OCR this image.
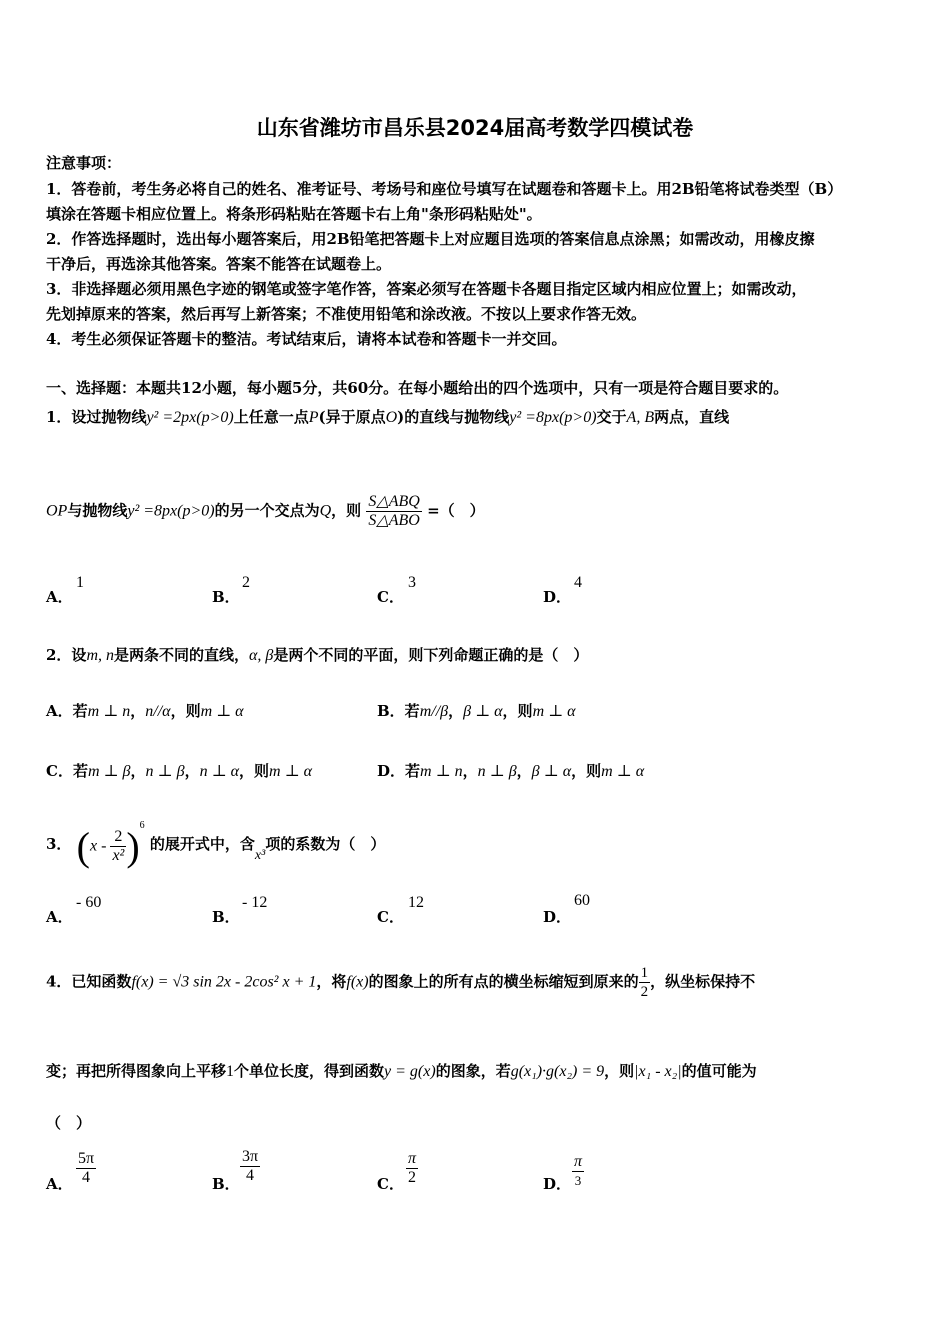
山东省潍坊市昌乐县2024届高考数学四模试卷
注意事项：
1．答卷前，考生务必将自己的姓名、准考证号、考场号和座位号填写在试题卷和答题卡上。用2B铅笔将试卷类型（B）
填涂在答题卡相应位置上。将条形码粘贴在答题卡右上角"条形码粘贴处"。
2．作答选择题时，选出每小题答案后，用2B铅笔把答题卡上对应题目选项的答案信息点涂黑；如需改动，用橡皮擦
干净后，再选涂其他答案。答案不能答在试题卷上。
3．非选择题必须用黑色字迹的钢笔或签字笔作答，答案必须写在答题卡各题目指定区域内相应位置上；如需改动，
先划掉原来的答案，然后再写上新答案；不准使用铅笔和涂改液。不按以上要求作答无效。
4．考生必须保证答题卡的整洁。考试结束后，请将本试卷和答题卡一并交回。
一、选择题：本题共12小题，每小题5分，共60分。在每小题给出的四个选项中，只有一项是符合题目要求的。
1．设过抛物线y² =2px(p>0)上任意一点P(异于原点O)的直线与抛物线y² =8px(p>0)交于A, B两点，直线
OP与抛物线y² =8px(p>0)的另一个交点为Q，则 $\frac{\text{S△ABQ}}{\text{S△ABO}}$ =（　）
A．
1
B．
2
C．
3
D．
4
2．设m, n是两条不同的直线，α, β是两个不同的平面，则下列命题正确的是（　）
A．若m ⊥ n，n//α，则m ⊥ α	B．若m//β，β ⊥ α，则m ⊥ α
C．若m ⊥ β，n ⊥ β，n ⊥ α，则m ⊥ α	D．若m ⊥ n，n ⊥ β，β ⊥ α，则m ⊥ α
3． $(x - \frac{2}{\text{x²}} )^6$ 的展开式中，含x³项的系数为（　）
A．
- 60
B．
- 12
C．
12
D．
60
4．已知函数f(x) = √3 sin 2x - 2cos² x + 1，将f(x)的图象上的所有点的横坐标缩短到原来的 $\frac{1}{2}$ ，纵坐标保持不
变；再把所得图象向上平移1个单位长度，得到函数y = g(x)的图象，若g(x₁)·g(x₂) = 9，则|x₁ - x₂|的值可能为
（　）
A． $\frac{5\pi}{4}$	B． $\frac{3\pi}{4}$	C． $\frac{\pi}{2}$	D． $\frac{\pi}{3}$
